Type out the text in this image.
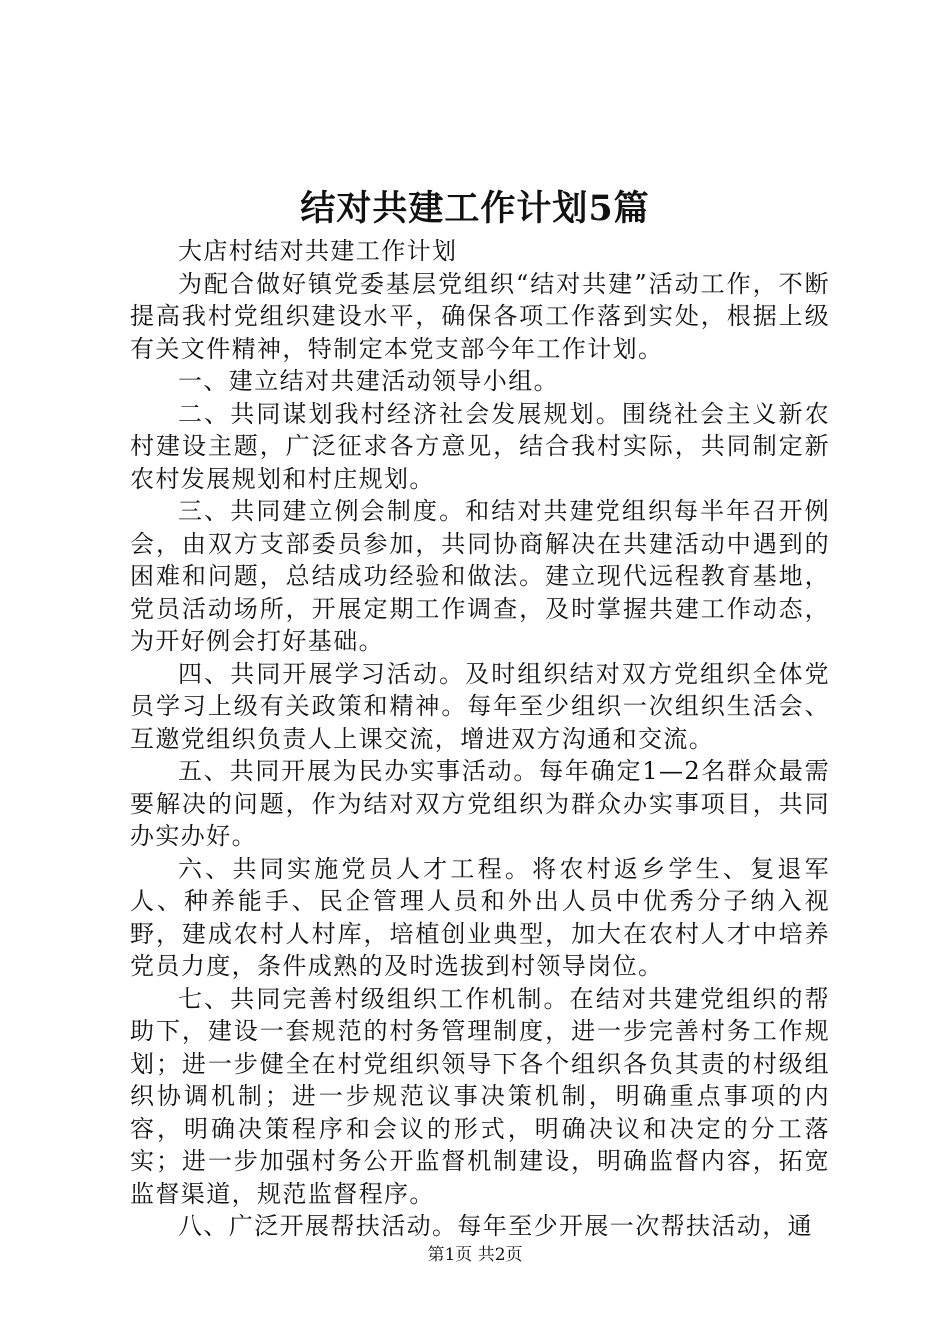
结对共建工作计划5篇

大店村结对共建工作计划

为配合做好镇党委基层党组织“结对共建”活动工作，不断提高我村党组织建设水平，确保各项工作落到实处，根据上级有关文件精神，特制定本党支部今年工作计划。

一、建立结对共建活动领导小组。

二、共同谋划我村经济社会发展规划。围绕社会主义新农村建设主题，广泛征求各方意见，结合我村实际，共同制定新农村发展规划和村庄规划。

三、共同建立例会制度。和结对共建党组织每半年召开例会，由双方支部委员参加，共同协商解决在共建活动中遇到的困难和问题，总结成功经验和做法。建立现代远程教育基地，党员活动场所，开展定期工作调查，及时掌握共建工作动态，为开好例会打好基础。

四、共同开展学习活动。及时组织结对双方党组织全体党员学习上级有关政策和精神。每年至少组织一次组织生活会、互邀党组织负责人上课交流，增进双方沟通和交流。

五、共同开展为民办实事活动。每年确定1—2名群众最需要解决的问题，作为结对双方党组织为群众办实事项目，共同办实办好。

六、共同实施党员人才工程。将农村返乡学生、复退军人、种养能手、民企管理人员和外出人员中优秀分子纳入视野，建成农村人村库，培植创业典型，加大在农村人才中培养党员力度，条件成熟的及时选拔到村领导岗位。

七、共同完善村级组织工作机制。在结对共建党组织的帮助下，建设一套规范的村务管理制度，进一步完善村务工作规划；进一步健全在村党组织领导下各个组织各负其责的村级组织协调机制；进一步规范议事决策机制，明确重点事项的内容，明确决策程序和会议的形式，明确决议和决定的分工落实；进一步加强村务公开监督机制建设，明确监督内容，拓宽监督渠道，规范监督程序。

八、广泛开展帮扶活动。每年至少开展一次帮扶活动，通

第1页 共2页
